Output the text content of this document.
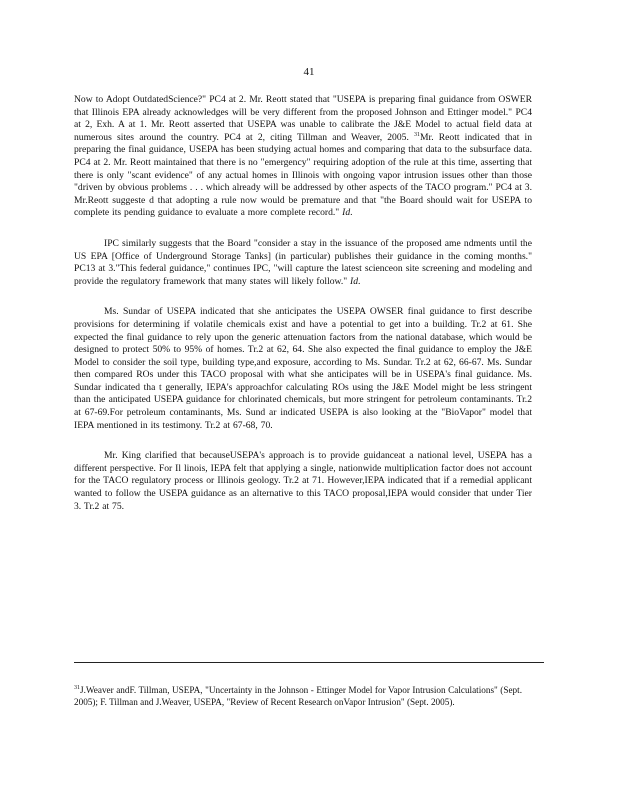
41

Now to Adopt OutdatedScience?" PC4 at 2. Mr. Reott stated that "USEPA is preparing final guidance from OSWER that Illinois EPA already acknowledges will be very different from the proposed Johnson and Ettinger model." PC4 at 2, Exh. A at 1. Mr. Reott asserted that USEPA was unable to calibrate the J&E Model to actual field data at numerous sites around the country. PC4 at 2, citing Tillman and Weaver, 2005. $^{31}$Mr. Reott indicated that in preparing the final guidance, USEPA has been studying actual homes and comparing that data to the subsurface data. PC4 at 2. Mr. Reott maintained that there is no "emergency" requiring adoption of the rule at this time, asserting that there is only "scant evidence" of any actual homes in Illinois with ongoing vapor intrusion issues other than those "driven by obvious problems . . . which already will be addressed by other aspects of the TACO program." PC4 at 3. Mr.Reott suggeste d that adopting a rule now would be premature and that "the Board should wait for USEPA to complete its pending guidance to evaluate a more complete record." Id.

IPC similarly suggests that the Board "consider a stay in the issuance of the proposed ame ndments until the US EPA [Office of Underground Storage Tanks] (in particular) publishes their guidance in the coming months." PC13 at 3."This federal guidance," continues IPC, "will capture the latest scienceon site screening and modeling and provide the regulatory framework that many states will likely follow." Id.

Ms. Sundar of USEPA indicated that she anticipates the USEPA OWSER final guidance to first describe provisions for determining if volatile chemicals exist and have a potential to get into a building. Tr.2 at 61. She expected the final guidance to rely upon the generic attenuation factors from the national database, which would be designed to protect 50% to 95% of homes. Tr.2 at 62, 64. She also expected the final guidance to employ the J&E Model to consider the soil type, building type,and exposure, according to Ms. Sundar. Tr.2 at 62, 66-67. Ms. Sundar then compared ROs under this TACO proposal with what she anticipates will be in USEPA's final guidance. Ms. Sundar indicated tha t generally, IEPA's approachfor calculating ROs using the J&E Model might be less stringent than the anticipated USEPA guidance for chlorinated chemicals, but more stringent for petroleum contaminants. Tr.2 at 67-69.For petroleum contaminants, Ms. Sund ar indicated USEPA is also looking at the "BioVapor" model that IEPA mentioned in its testimony. Tr.2 at 67-68, 70.

Mr. King clarified that becauseUSEPA's approach is to provide guidanceat a national level, USEPA has a different perspective. For Il linois, IEPA felt that applying a single, nationwide multiplication factor does not account for the TACO regulatory process or Illinois geology. Tr.2 at 71. However,IEPA indicated that if a remedial applicant wanted to follow the USEPA guidance as an alternative to this TACO proposal,IEPA would consider that under Tier 3. Tr.2 at 75.

$^{31}$J.Weaver andF. Tillman, USEPA, "Uncertainty in the Johnson - Ettinger Model for Vapor Intrusion Calculations" (Sept. 2005); F. Tillman and J.Weaver, USEPA, "Review of Recent Research onVapor Intrusion" (Sept. 2005).
